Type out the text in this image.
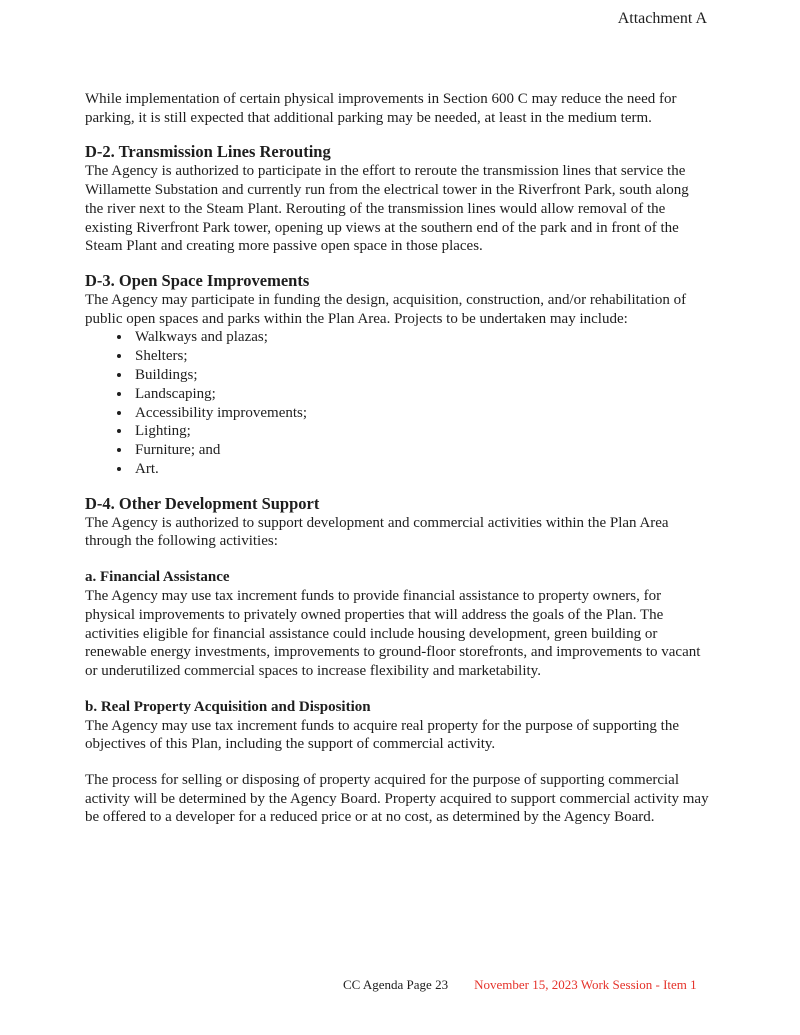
Attachment A
While implementation of certain physical improvements in Section 600 C may reduce the need for parking, it is still expected that additional parking may be needed, at least in the medium term.
D-2. Transmission Lines Rerouting
The Agency is authorized to participate in the effort to reroute the transmission lines that service the Willamette Substation and currently run from the electrical tower in the Riverfront Park, south along the river next to the Steam Plant. Rerouting of the transmission lines would allow removal of the existing Riverfront Park tower, opening up views at the southern end of the park and in front of the Steam Plant and creating more passive open space in those places.
D-3. Open Space Improvements
The Agency may participate in funding the design, acquisition, construction, and/or rehabilitation of public open spaces and parks within the Plan Area. Projects to be undertaken may include:
• Walkways and plazas;
• Shelters;
• Buildings;
• Landscaping;
• Accessibility improvements;
• Lighting;
• Furniture; and
• Art.
D-4. Other Development Support
The Agency is authorized to support development and commercial activities within the Plan Area through the following activities:
a. Financial Assistance
The Agency may use tax increment funds to provide financial assistance to property owners, for physical improvements to privately owned properties that will address the goals of the Plan. The activities eligible for financial assistance could include housing development, green building or renewable energy investments, improvements to ground-floor storefronts, and improvements to vacant or underutilized commercial spaces to increase flexibility and marketability.
b. Real Property Acquisition and Disposition
The Agency may use tax increment funds to acquire real property for the purpose of supporting the objectives of this Plan, including the support of commercial activity.
The process for selling or disposing of property acquired for the purpose of supporting commercial activity will be determined by the Agency Board. Property acquired to support commercial activity may be offered to a developer for a reduced price or at no cost, as determined by the Agency Board.
CC Agenda Page 23 November 15, 2023 Work Session - Item 1
